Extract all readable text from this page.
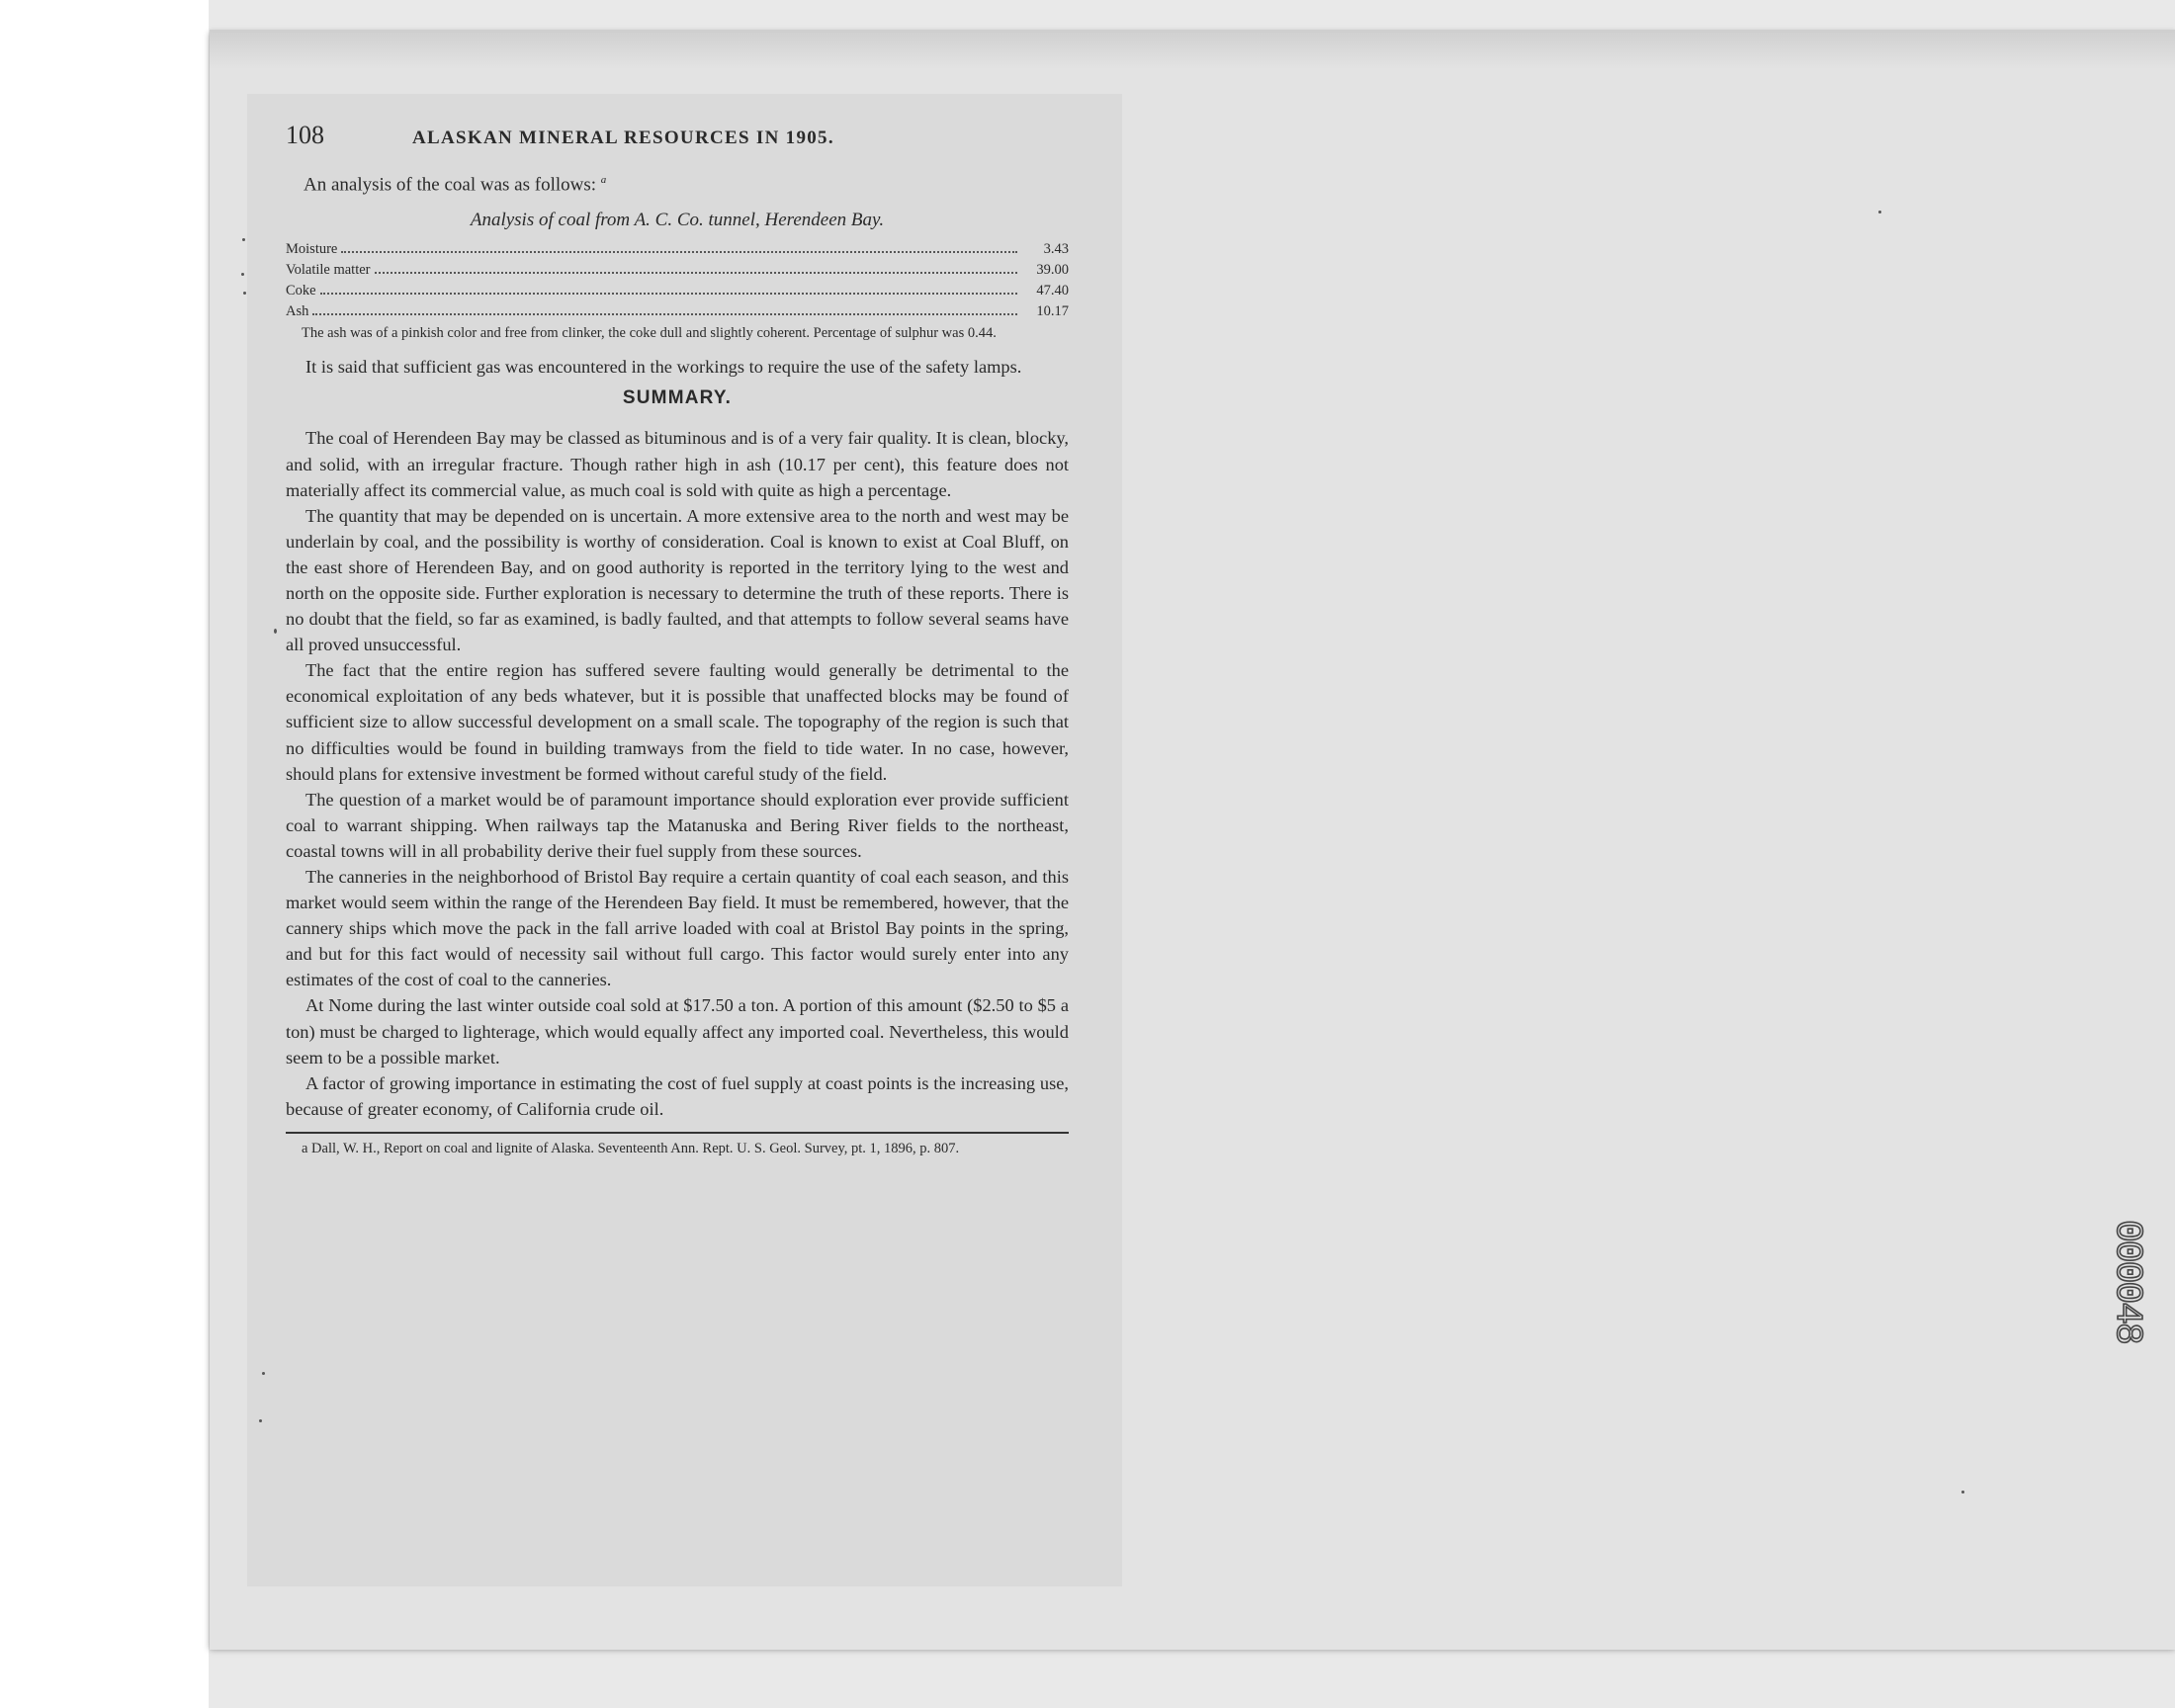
108	ALASKAN MINERAL RESOURCES IN 1905.
An analysis of the coal was as follows: $^a$
Analysis of coal from A. C. Co. tunnel, Herendeen Bay.
Moisture	3.43
Volatile matter	39.00
Coke	47.40
Ash	10.17
The ash was of a pinkish color and free from clinker, the coke dull and slightly coherent. Percentage of sulphur was 0.44.

It is said that sufficient gas was encountered in the workings to require the use of the safety lamps.

SUMMARY.

The coal of Herendeen Bay may be classed as bituminous and is of a very fair quality. It is clean, blocky, and solid, with an irregular fracture. Though rather high in ash (10.17 per cent), this feature does not materially affect its commercial value, as much coal is sold with quite as high a percentage.

The quantity that may be depended on is uncertain. A more extensive area to the north and west may be underlain by coal, and the possibility is worthy of consideration. Coal is known to exist at Coal Bluff, on the east shore of Herendeen Bay, and on good authority is reported in the territory lying to the west and north on the opposite side. Further exploration is necessary to determine the truth of these reports. There is no doubt that the field, so far as examined, is badly faulted, and that attempts to follow several seams have all proved unsuccessful.

The fact that the entire region has suffered severe faulting would generally be detrimental to the economical exploitation of any beds whatever, but it is possible that unaffected blocks may be found of sufficient size to allow successful development on a small scale. The topography of the region is such that no difficulties would be found in building tramways from the field to tide water. In no case, however, should plans for extensive investment be formed without careful study of the field.

The question of a market would be of paramount importance should exploration ever provide sufficient coal to warrant shipping. When railways tap the Matanuska and Bering River fields to the northeast, coastal towns will in all probability derive their fuel supply from these sources.

The canneries in the neighborhood of Bristol Bay require a certain quantity of coal each season, and this market would seem within the range of the Herendeen Bay field. It must be remembered, however, that the cannery ships which move the pack in the fall arrive loaded with coal at Bristol Bay points in the spring, and but for this fact would of necessity sail without full cargo. This factor would surely enter into any estimates of the cost of coal to the canneries.

At Nome during the last winter outside coal sold at $17.50 a ton. A portion of this amount ($2.50 to $5 a ton) must be charged to lighterage, which would equally affect any imported coal. Nevertheless, this would seem to be a possible market.

A factor of growing importance in estimating the cost of fuel supply at coast points is the increasing use, because of greater economy, of California crude oil.

a Dall, W. H., Report on coal and lignite of Alaska. Seventeenth Ann. Rept. U. S. Geol. Survey, pt. 1, 1896, p. 807.
000048
